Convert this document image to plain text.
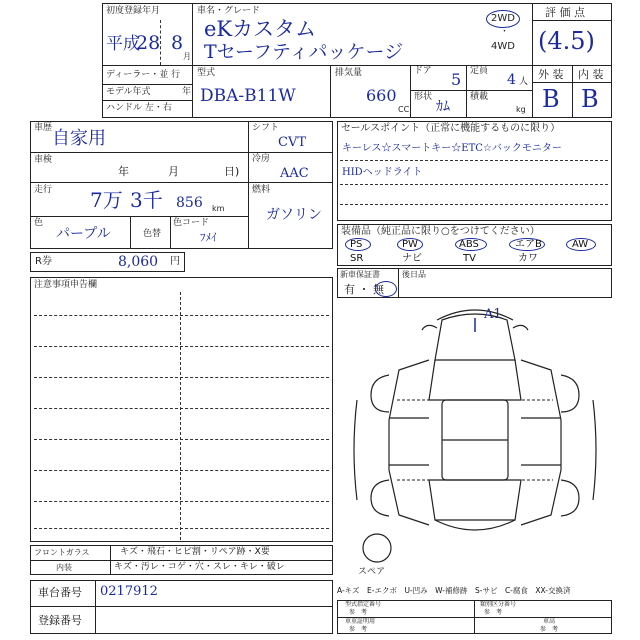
初度登録年月
平成
28 8
月
車名・グレード
eKカスタム
Tセーフティパッケージ
2WD
・
4WD
評 価 点
(4.5)
ディーラー・並 行
モデル年式	年
ハンドル 左・右
型式
DBA-B11W
排気量
660
CC
ドア 5 定員
4 人
形状
ｶﾑ
積載
kg
外 装 内 装
B B
車歴 自家用
車検
年	月	日)
走行 7万 3千 856 km
色
パープル	色替
色コード
ﾌﾒｲ
シフト
CVT
冷房
AAC
燃料
ガソリン
R券	8,060 円
セールスポイント（正常に機能するものに限り）
キーレス☆スマートキー☆ETC☆バックモニター
HIDヘッドライト
装備品（純正品に限り○をつけてください）
PS	PW	ABS	エアB	AW
SR	ナビ	TV	カワ
新車保証書
有 ・ 無
後日品
注意事項申告欄
A1
スペア
フロントガラス	キズ・飛石・ヒビ割・リペア跡・X要
内装	キズ・汚レ・コゲ・穴・スレ・キレ・破レ
車台番号 0217912
登録番号
A-キズ　E-エクボ　U-凹み　W-補修跡　S-サビ　C-腐食　XX-交換済
型式指定番号
参　考
類別区分番号
参　考
車重証明用
参　考
車高
参　考
